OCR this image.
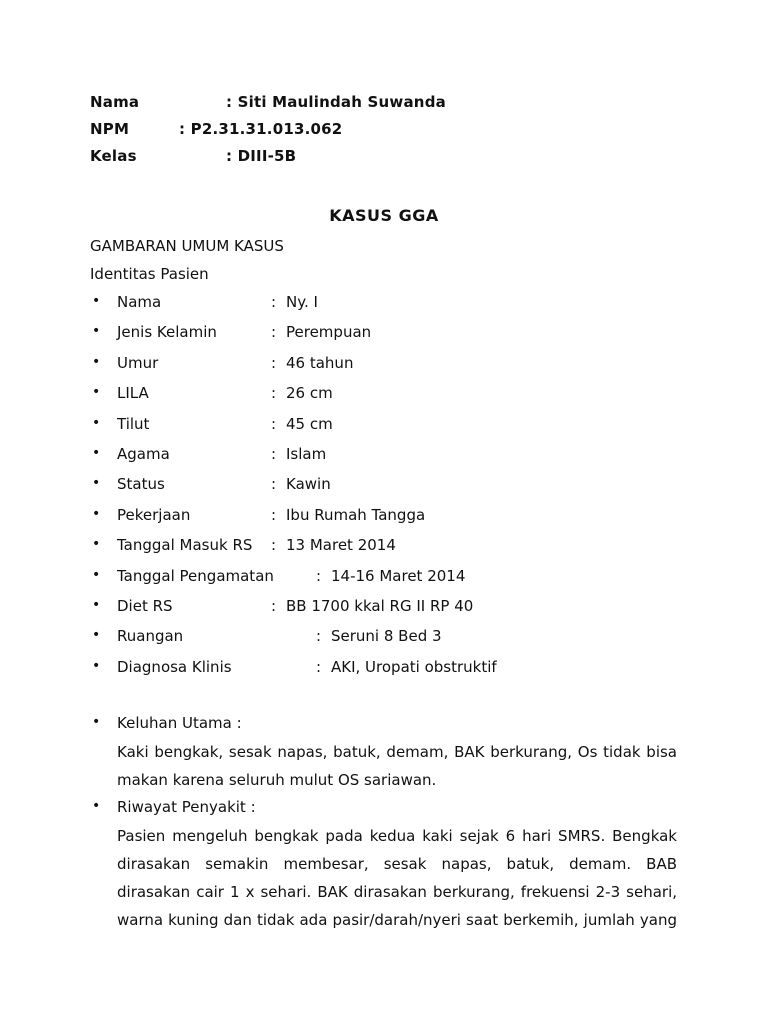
Nama	: Siti Maulindah Suwanda
NPM	: P2.31.31.013.062
Kelas	: DIII-5B
KASUS GGA
GAMBARAN UMUM KASUS
Identitas Pasien
• Nama	: Ny. I
• Jenis Kelamin	: Perempuan
• Umur	: 46 tahun
• LILA	: 26 cm
• Tilut	: 45 cm
• Agama	: Islam
• Status	: Kawin
• Pekerjaan	: Ibu Rumah Tangga
• Tanggal Masuk RS : 13 Maret 2014
• Tanggal Pengamatan	: 14-16 Maret 2014
• Diet RS	: BB 1700 kkal RG II RP 40
• Ruangan	: Seruni 8 Bed 3
• Diagnosa Klinis	: AKI, Uropati obstruktif
• Keluhan Utama :
Kaki bengkak, sesak napas, batuk, demam, BAK berkurang, Os tidak bisa
makan karena seluruh mulut OS sariawan.
• Riwayat Penyakit :
Pasien mengeluh bengkak pada kedua kaki sejak 6 hari SMRS. Bengkak
dirasakan semakin membesar, sesak napas, batuk, demam. BAB
dirasakan cair 1 x sehari. BAK dirasakan berkurang, frekuensi 2-3 sehari,
warna kuning dan tidak ada pasir/darah/nyeri saat berkemih, jumlah yang
